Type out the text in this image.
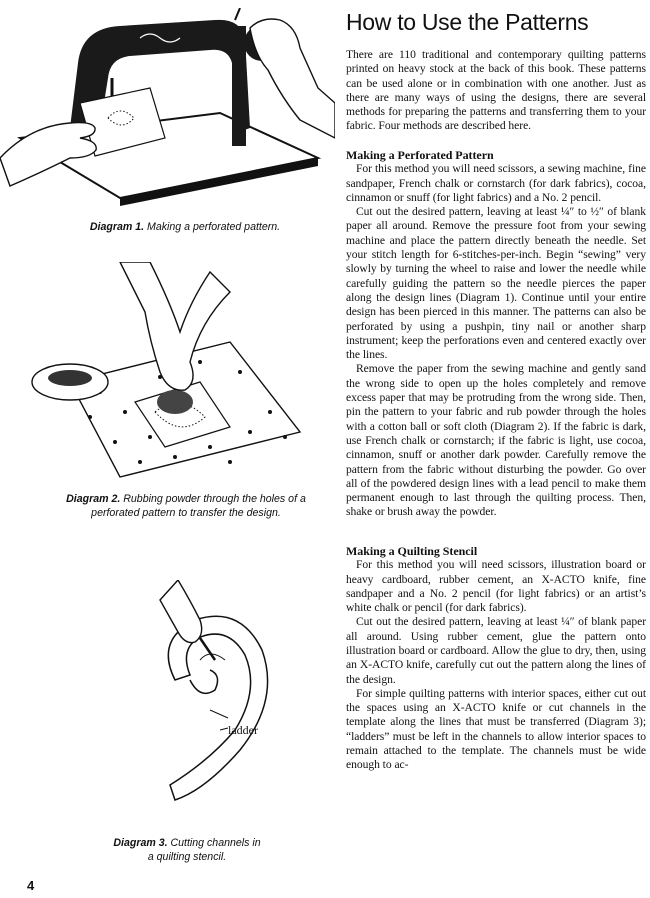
Diagram 1. Making a perforated pattern.
Diagram 2. Rubbing powder through the holes of a perforated pattern to transfer the design.
ladder
Diagram 3. Cutting channels in a quilting stencil.
How to Use the Patterns

There are 110 traditional and contemporary quilting patterns printed on heavy stock at the back of this book. These patterns can be used alone or in combination with one another. Just as there are many ways of using the designs, there are several methods for preparing the patterns and transferring them to your fabric. Four methods are described here.

Making a Perforated Pattern

For this method you will need scissors, a sewing machine, fine sandpaper, French chalk or cornstarch (for dark fabrics), cocoa, cinnamon or snuff (for light fabrics) and a No. 2 pencil.

Cut out the desired pattern, leaving at least ¼″ to ½″ of blank paper all around. Remove the pressure foot from your sewing machine and place the pattern directly beneath the needle. Set your stitch length for 6-stitches-per-inch. Begin “sewing” very slowly by turning the wheel to raise and lower the needle while carefully guiding the pattern so the needle pierces the paper along the design lines (Diagram 1). Continue until your entire design has been pierced in this manner. The patterns can also be perforated by using a pushpin, tiny nail or another sharp instrument; keep the perforations even and centered exactly over the lines.

Remove the paper from the sewing machine and gently sand the wrong side to open up the holes completely and remove excess paper that may be protruding from the wrong side. Then, pin the pattern to your fabric and rub powder through the holes with a cotton ball or soft cloth (Diagram 2). If the fabric is dark, use French chalk or cornstarch; if the fabric is light, use cocoa, cinnamon, snuff or another dark powder. Carefully remove the pattern from the fabric without disturbing the powder. Go over all of the powdered design lines with a lead pencil to make them permanent enough to last through the quilting process. Then, shake or brush away the powder.

Making a Quilting Stencil

For this method you will need scissors, illustration board or heavy cardboard, rubber cement, an X-ACTO knife, fine sandpaper and a No. 2 pencil (for light fabrics) or an artist’s white chalk or pencil (for dark fabrics).

Cut out the desired pattern, leaving at least ¼″ of blank paper all around. Using rubber cement, glue the pattern onto illustration board or cardboard. Allow the glue to dry, then, using an X-ACTO knife, carefully cut out the pattern along the lines of the design.

For simple quilting patterns with interior spaces, either cut out the spaces using an X-ACTO knife or cut channels in the template along the lines that must be transferred (Diagram 3); “ladders” must be left in the channels to allow interior spaces to remain attached to the template. The channels must be wide enough to ac-

4
